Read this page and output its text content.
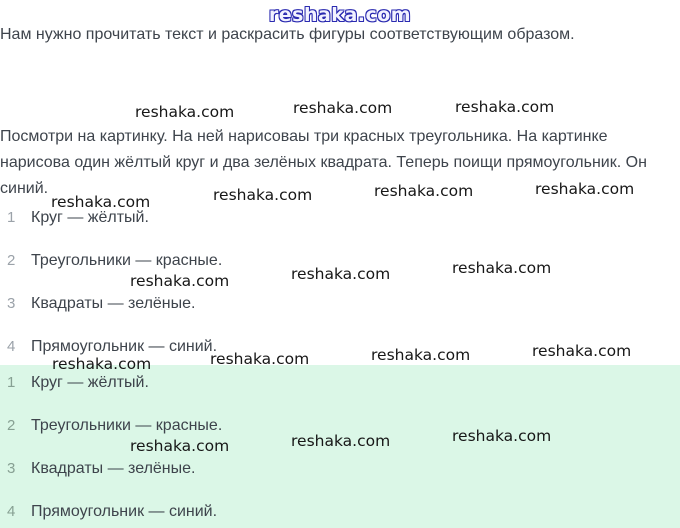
1 Круг — жёлтый.
2 Треугольники — красные.
3 Квадраты — зелёные.
4 Прямоугольник — синий.
reshaka.com
Нам нужно прочитать текст и раскрасить фигуры соответствующим образом.
Посмотри на картинку. На ней нарисоваы три красных треугольника. На картинке
нарисова один жёлтый круг и два зелёных квадрата. Теперь поищи прямоугольник. Он
синий.
1 Круг — жёлтый.
2 Треугольники — красные.
3 Квадраты — зелёные.
4 Прямоугольник — синий.
reshaka.com	reshaka.com	reshaka.com
reshaka.com	reshaka.com	reshaka.com	reshaka.com
reshaka.com	reshaka.com	reshaka.com
reshaka.com	reshaka.com	reshaka.com	reshaka.com
reshaka.com	reshaka.com	reshaka.com
